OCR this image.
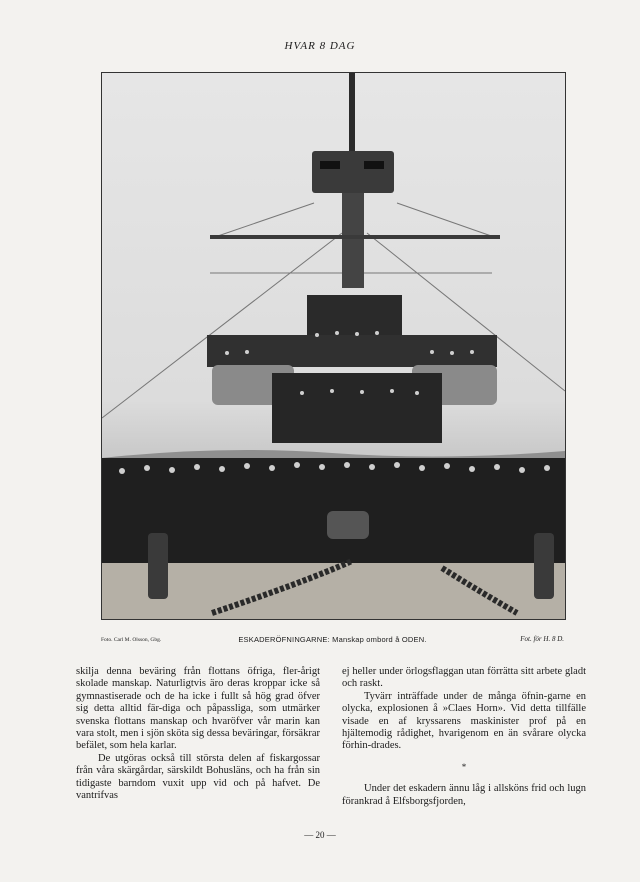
HVAR 8 DAG
Foto. Carl M. Olsson, Gbg.	ESKADERÖFNINGARNE: Manskap ombord å ODEN.	Fot. för H. 8 D.

skilja denna beväring från flottans öfriga, fler-årigt skolade manskap. Naturligtvis äro deras kroppar icke så gymnastiserade och de ha icke i fullt så hög grad öfver sig detta alltid fär-diga och påpassliga, som utmärker svenska flottans manskap och hvaröfver vår marin kan vara stolt, men i sjön sköta sig dessa beväringar, försäkrar befälet, som hela karlar.

De utgöras också till största delen af fiskargossar från våra skärgårdar, särskildt Bohusläns, och ha från sin tidigaste barndom vuxit upp vid och på hafvet. De vantrifvas

ej heller under örlogsflaggan utan förrätta sitt arbete gladt och raskt.

Tyvärr inträffade under de många öfnin-garne en olycka, explosionen å »Claes Horn». Vid detta tillfälle visade en af kryssarens maskinister prof på en hjältemodig rådighet, hvarigenom en än svårare olycka förhin-drades.

*

Under det eskadern ännu låg i allsköns frid och lugn förankrad å Elfsborgsfjorden,

— 20 —
